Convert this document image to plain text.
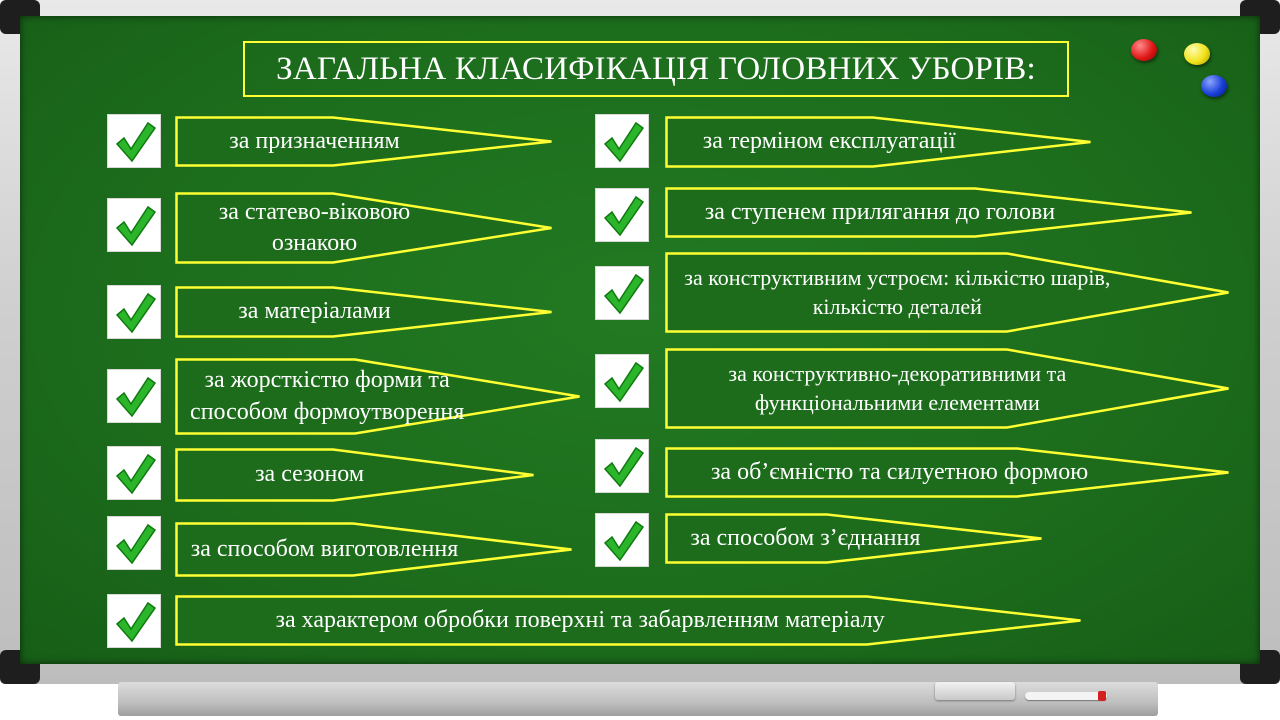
ЗАГАЛЬНА КЛАСИФІКАЦІЯ ГОЛОВНИХ УБОРІВ:
за призначенням
за статево-віковою ознакою
за матеріалами
за жорсткістю форми та способом формоутворення
за сезоном
за способом виготовлення
за терміном експлуатації
за ступенем прилягання до голови
за конструктивним устроєм: кількістю шарів, кількістю деталей
за конструктивно-декоративними та функціональними елементами
за об’ємністю та силуетною формою
за способом з’єднання
за характером обробки поверхні та забарвленням матеріалу
